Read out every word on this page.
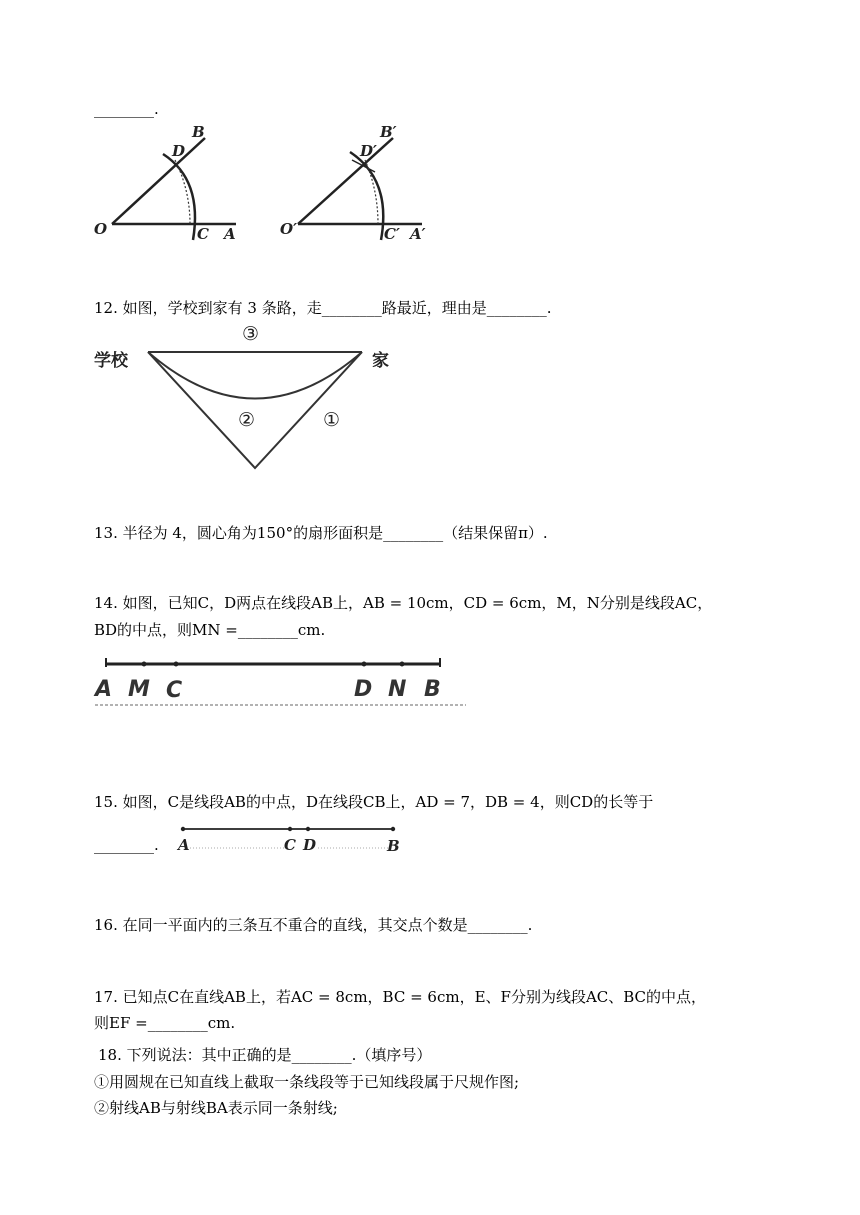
________.
B
D
O	C A
B′
D′
O′	C′ A′
12. 如图，学校到家有 3 条路，走________路最近，理由是________.
学校	家
③
②	①
13. 半径为 4，圆心角为150°的扇形面积是________（结果保留π）.
14. 如图，已知C，D两点在线段AB上，AB = 10cm，CD = 6cm，M，N分别是线段AC，
BD的中点，则MN =________cm.
A M C	D N B
15. 如图，C是线段AB的中点，D在线段CB上，AD = 7，DB = 4，则CD的长等于
________. A	C D	B
16. 在同一平面内的三条互不重合的直线，其交点个数是________.
17. 已知点C在直线AB上，若AC = 8cm，BC = 6cm，E、F分别为线段AC、BC的中点，
则EF =________cm.
18. 下列说法：其中正确的是________.（填序号）
①用圆规在已知直线上截取一条线段等于已知线段属于尺规作图;
②射线AB与射线BA表示同一条射线;
